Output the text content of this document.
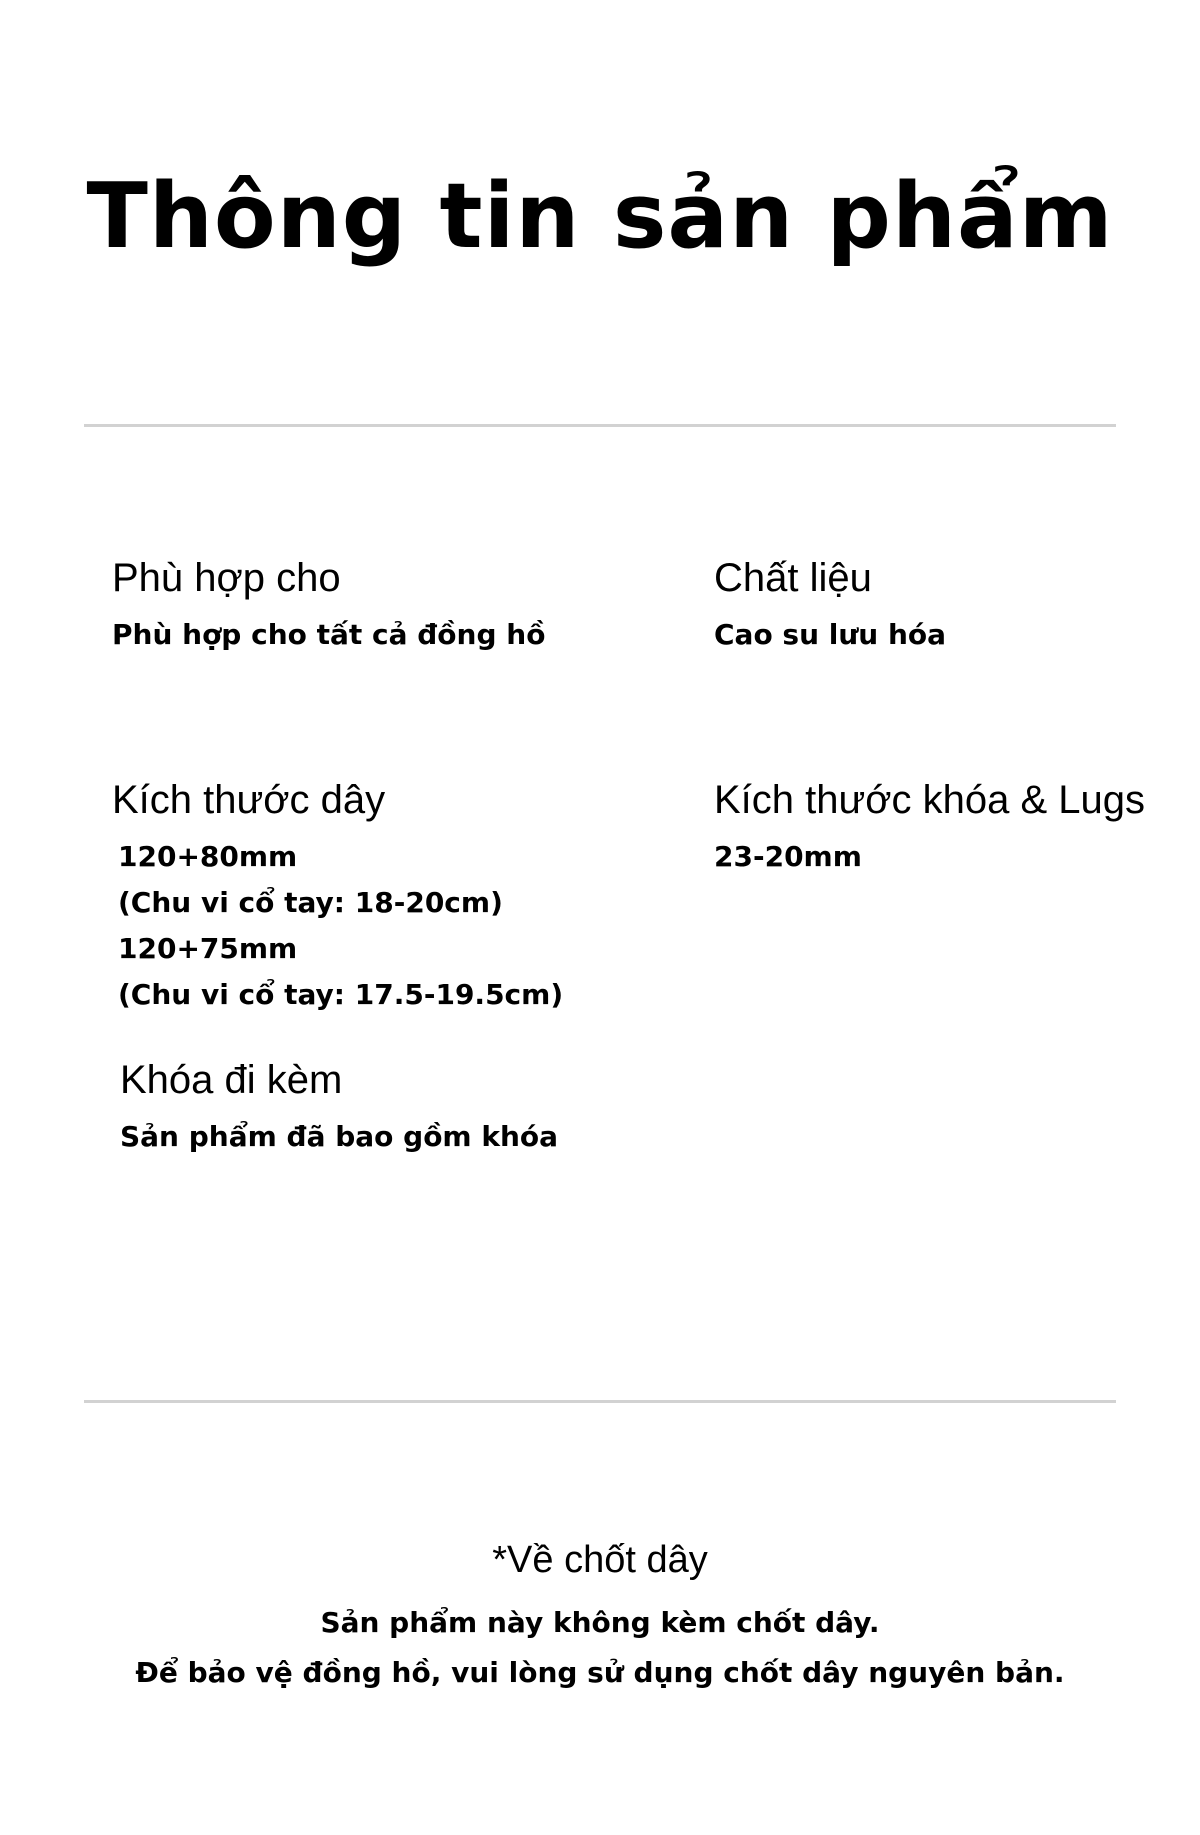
Thông tin sản phẩm
Phù hợp cho
Phù hợp cho tất cả đồng hồ
Chất liệu
Cao su lưu hóa
Kích thước dây
120+80mm
(Chu vi cổ tay: 18-20cm)
120+75mm
(Chu vi cổ tay: 17.5-19.5cm)
Kích thước khóa & Lugs
23-20mm
Khóa đi kèm
Sản phẩm đã bao gồm khóa
*Về chốt dây
Sản phẩm này không kèm chốt dây.
Để bảo vệ đồng hồ, vui lòng sử dụng chốt dây nguyên bản.
